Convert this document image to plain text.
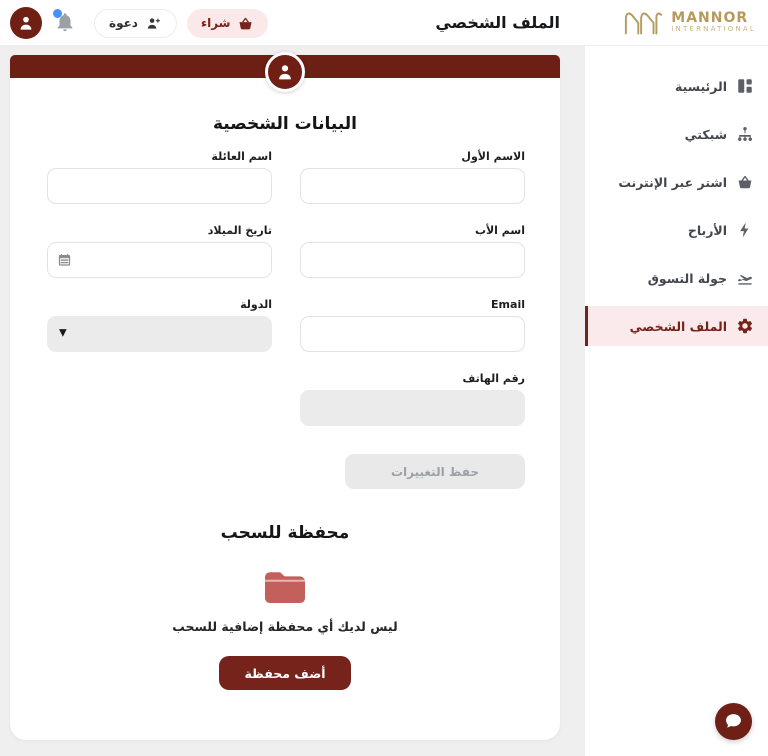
MANNOR
INTERNATIONAL
الملف الشخصي
دعوة	شراء
الرئيسية
شبكتي
اشتر عبر الإنترنت
الأرباح
جولة التسوق
الملف الشخصي
البيانات الشخصية
الاسم الأول
اسم العائلة
اسم الأب
تاريخ الميلاد
Email
الدولة
▼
رقم الهاتف
حفظ التغييرات
محفظة للسحب
ليس لديك أي محفظة إضافية للسحب
أضف محفظة
